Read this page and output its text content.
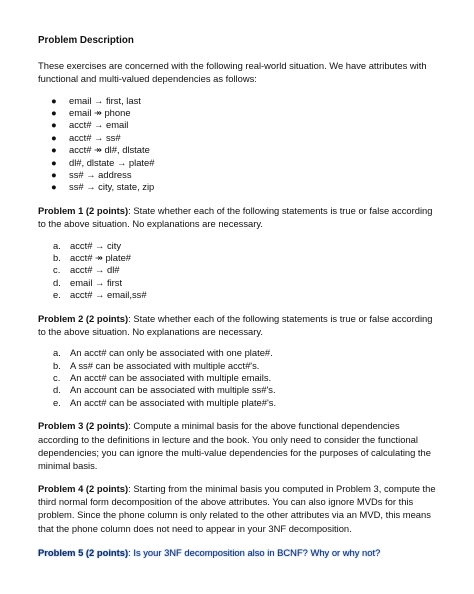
Problem Description

These exercises are concerned with the following real-world situation. We have attributes with functional and multi-valued dependencies as follows:

● email → first, last
● email ↠ phone
● acct# → email
● acct# → ss#
● acct# ↠ dl#, dlstate
● dl#, dlstate → plate#
● ss# → address
● ss# → city, state, zip

Problem 1 (2 points): State whether each of the following statements is true or false according to the above situation. No explanations are necessary.

a. acct# → city
b. acct# ↠ plate#
c. acct# → dl#
d. email → first
e. acct# → email,ss#

Problem 2 (2 points): State whether each of the following statements is true or false according to the above situation. No explanations are necessary.

a. An acct# can only be associated with one plate#.
b. A ss# can be associated with multiple acct#'s.
c. An acct# can be associated with multiple emails.
d. An account can be associated with multiple ss#'s.
e. An acct# can be associated with multiple plate#'s.

Problem 3 (2 points): Compute a minimal basis for the above functional dependencies according to the definitions in lecture and the book. You only need to consider the functional dependencies; you can ignore the multi-value dependencies for the purposes of calculating the minimal basis.

Problem 4 (2 points): Starting from the minimal basis you computed in Problem 3, compute the third normal form decomposition of the above attributes. You can also ignore MVDs for this problem. Since the phone column is only related to the other attributes via an MVD, this means that the phone column does not need to appear in your 3NF decomposition.

Problem 5 (2 points): Is your 3NF decomposition also in BCNF? Why or why not?
